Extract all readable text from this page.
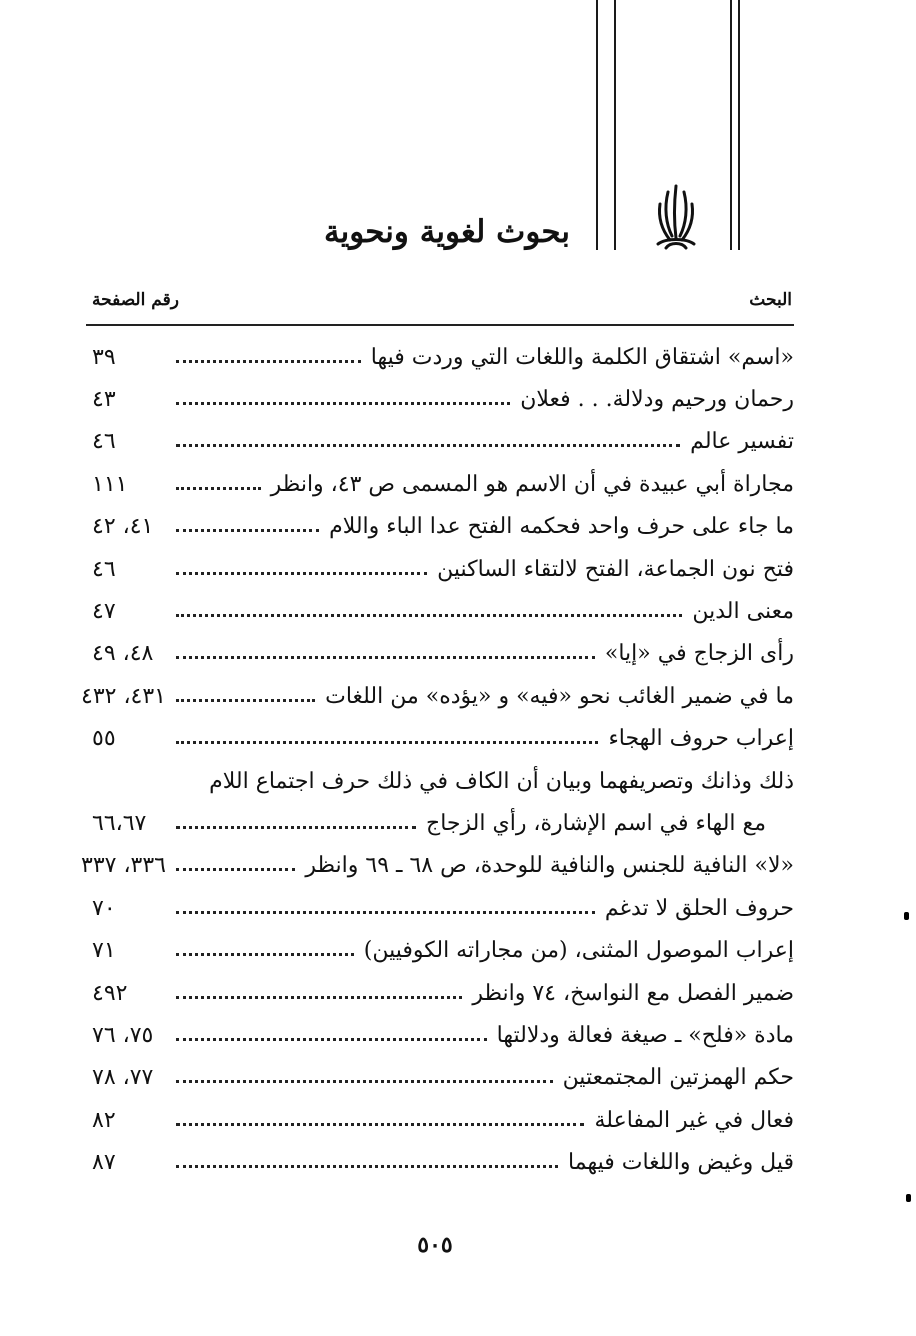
بحوث لغوية ونحوية
البحث
رقم الصفحة
«اسم» اشتقاق الكلمة واللغات التي وردت فيها
٣٩
رحمان ورحيم ودلالة. . . فعلان
٤٣
تفسير عالم
٤٦
مجاراة أبي عبيدة في أن الاسم هو المسمى ص ٤٣، وانظر
١١١
ما جاء على حرف واحد فحكمه الفتح عدا الباء واللام
٤١، ٤٢
فتح نون الجماعة، الفتح لالتقاء الساكنين
٤٦
معنى الدين
٤٧
رأى الزجاج في «إيا»
٤٨، ٤٩
ما في ضمير الغائب نحو «فيه» و «يؤده» من اللغات
٤٣١، ٤٣٢
إعراب حروف الهجاء
٥٥
ذلك وذانك وتصريفهما وبيان أن الكاف في ذلك حرف اجتماع اللام
مع الهاء في اسم الإشارة، رأي الزجاج
٦٦،٦٧
«لا» النافية للجنس والنافية للوحدة، ص ٦٨ ـ ٦٩ وانظر
٣٣٦، ٣٣٧
حروف الحلق لا تدغم
٧٠
إعراب الموصول المثنى، (من مجاراته الكوفيين)
٧١
ضمير الفصل مع النواسخ، ٧٤ وانظر
٤٩٢
مادة «فلح» ـ صيغة فعالة ودلالتها
٧٥، ٧٦
حكم الهمزتين المجتمعتين
٧٧، ٧٨
فعال في غير المفاعلة
٨٢
قيل وغيض واللغات فيهما
٨٧
٥٠٥
